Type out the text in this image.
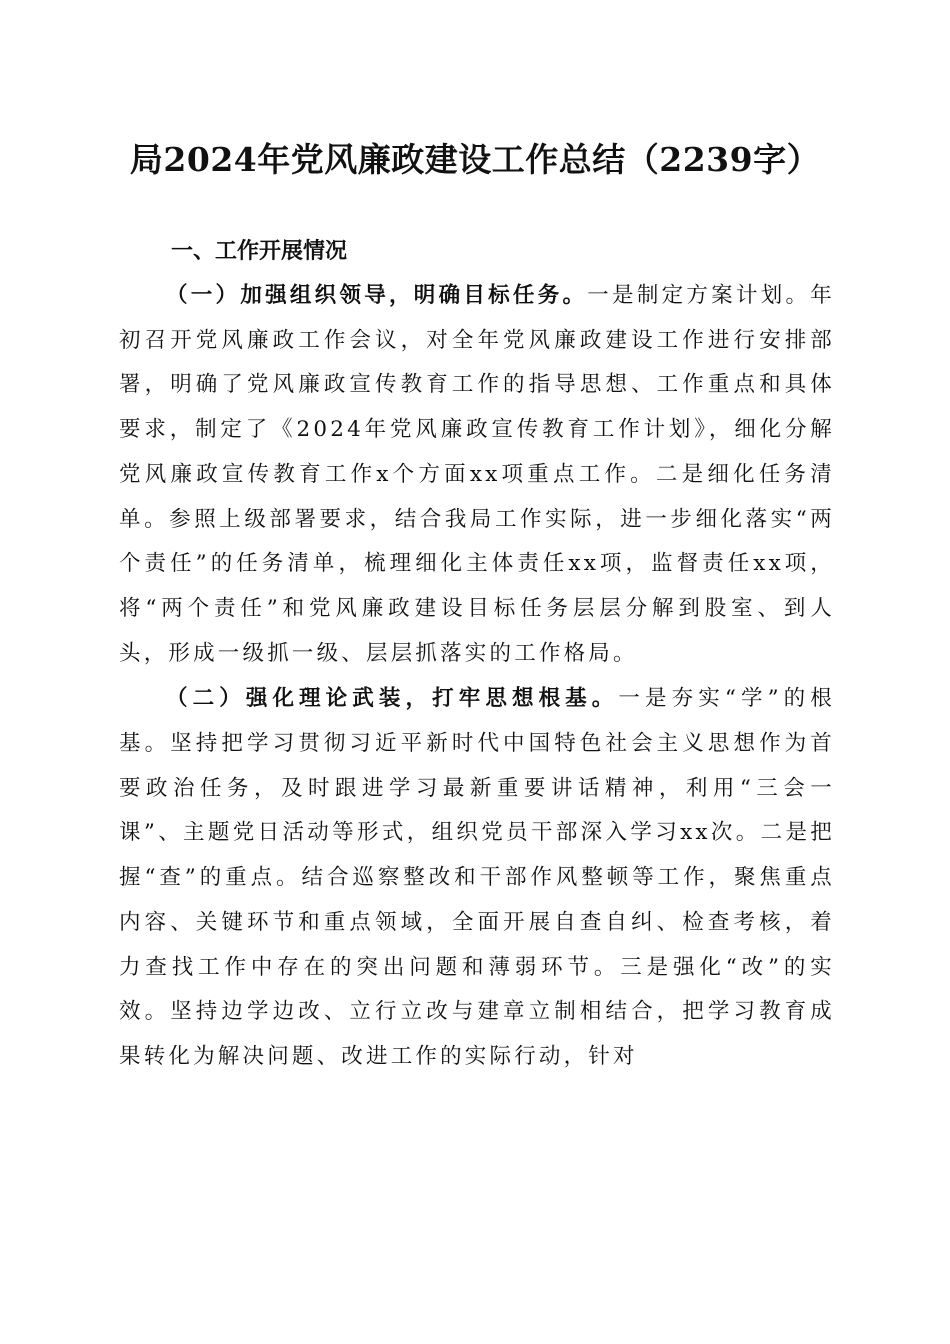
局2024年党风廉政建设工作总结（2239字）
一、工作开展情况

（一）加强组织领导，明确目标任务。一是制定方案计划。年初召开党风廉政工作会议，对全年党风廉政建设工作进行安排部署，明确了党风廉政宣传教育工作的指导思想、工作重点和具体要求，制定了《2024年党风廉政宣传教育工作计划》，细化分解党风廉政宣传教育工作x个方面xx项重点工作。二是细化任务清单。参照上级部署要求，结合我局工作实际，进一步细化落实“两个责任”的任务清单，梳理细化主体责任xx项，监督责任xx项，将“两个责任”和党风廉政建设目标任务层层分解到股室、到人头，形成一级抓一级、层层抓落实的工作格局。

（二）强化理论武装，打牢思想根基。一是夯实“学”的根基。坚持把学习贯彻习近平新时代中国特色社会主义思想作为首要政治任务，及时跟进学习最新重要讲话精神，利用“三会一课”、主题党日活动等形式，组织党员干部深入学习xx次。二是把握“查”的重点。结合巡察整改和干部作风整顿等工作，聚焦重点内容、关键环节和重点领域，全面开展自查自纠、检查考核，着力查找工作中存在的突出问题和薄弱环节。三是强化“改”的实效。坚持边学边改、立行立改与建章立制相结合，把学习教育成果转化为解决问题、改进工作的实际行动，针对
